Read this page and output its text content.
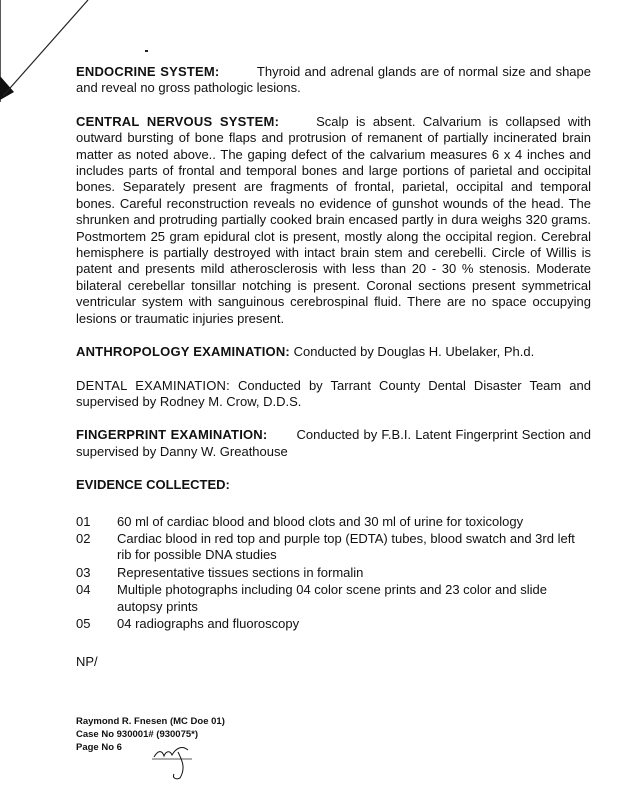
ENDOCRINE SYSTEM:	Thyroid and adrenal glands are of normal size and shape and reveal no gross pathologic lesions.

CENTRAL NERVOUS SYSTEM:	Scalp is absent. Calvarium is collapsed with outward bursting of bone flaps and protrusion of remanent of partially incinerated brain matter as noted above.. The gaping defect of the calvarium measures 6 x 4 inches and includes parts of frontal and temporal bones and large portions of parietal and occipital bones. Separately present are fragments of frontal, parietal, occipital and temporal bones. Careful reconstruction reveals no evidence of gunshot wounds of the head. The shrunken and protruding partially cooked brain encased partly in dura weighs 320 grams. Postmortem 25 gram epidural clot is present, mostly along the occipital region. Cerebral hemisphere is partially destroyed with intact brain stem and cerebelli. Circle of Willis is patent and presents mild atherosclerosis with less than 20 - 30 % stenosis. Moderate bilateral cerebellar tonsillar notching is present. Coronal sections present symmetrical ventricular system with sanguinous cerebrospinal fluid. There are no space occupying lesions or traumatic injuries present.

ANTHROPOLOGY EXAMINATION: Conducted by Douglas H. Ubelaker, Ph.d.

DENTAL EXAMINATION: Conducted by Tarrant County Dental Disaster Team and supervised by Rodney M. Crow, D.D.S.

FINGERPRINT EXAMINATION: Conducted by F.B.I. Latent Fingerprint Section and supervised by Danny W. Greathouse

EVIDENCE COLLECTED:

01	60 ml of cardiac blood and blood clots and 30 ml of urine for toxicology
02	Cardiac blood in red top and purple top (EDTA) tubes, blood swatch and 3rd left rib for possible DNA studies
03	Representative tissues sections in formalin
04	Multiple photographs including 04 color scene prints and 23 color and slide autopsy prints
05	04 radiographs and fluoroscopy
NP/
Raymond R. Fnesen (MC Doe 01)
Case No 930001# (930075*)
Page No 6
